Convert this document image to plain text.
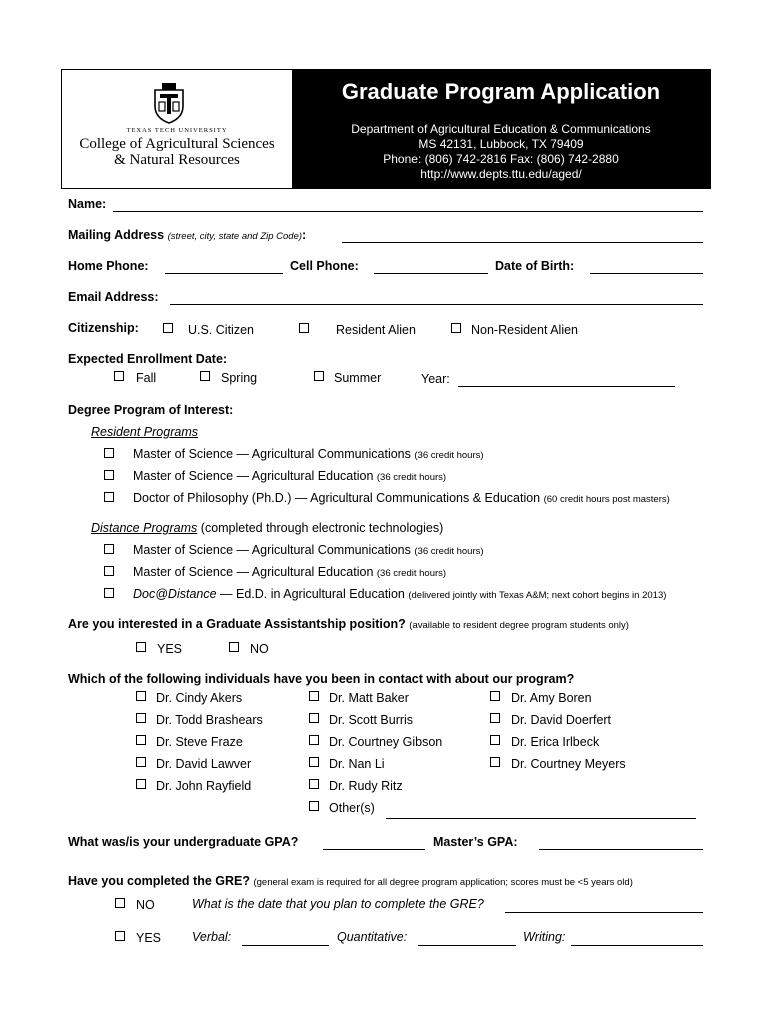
TEXAS TECH UNIVERSITY
College of Agricultural Sciences
& Natural Resources
Graduate Program Application
Department of Agricultural Education & Communications
MS 42131, Lubbock, TX 79409
Phone: (806) 742-2816 Fax: (806) 742-2880
http://www.depts.ttu.edu/aged/
Name:
Mailing Address (street, city, state and Zip Code):
Home Phone:	Cell Phone:	Date of Birth:
Email Address:
Citizenship:	U.S. Citizen	Resident Alien	Non-Resident Alien
Expected Enrollment Date:
Fall	Spring	Summer	Year:
Degree Program of Interest:
Resident Programs
Master of Science — Agricultural Communications (36 credit hours)
Master of Science — Agricultural Education (36 credit hours)
Doctor of Philosophy (Ph.D.) — Agricultural Communications & Education (60 credit hours post masters)
Distance Programs (completed through electronic technologies)
Master of Science — Agricultural Communications (36 credit hours)
Master of Science — Agricultural Education (36 credit hours)
Doc@Distance — Ed.D. in Agricultural Education (delivered jointly with Texas A&M; next cohort begins in 2013)
Are you interested in a Graduate Assistantship position? (available to resident degree program students only)
YES	NO
Which of the following individuals have you been in contact with about our program?
Dr. Cindy Akers
Dr. Todd Brashears
Dr. Steve Fraze
Dr. David Lawver
Dr. John Rayfield
Dr. Matt Baker
Dr. Scott Burris
Dr. Courtney Gibson
Dr. Nan Li
Dr. Rudy Ritz
Other(s)
Dr. Amy Boren
Dr. David Doerfert
Dr. Erica Irlbeck
Dr. Courtney Meyers
What was/is your undergraduate GPA?	Master’s GPA:
Have you completed the GRE? (general exam is required for all degree program application; scores must be <5 years old)
NO	What is the date that you plan to complete the GRE?
YES Verbal:	Quantitative:	Writing:
